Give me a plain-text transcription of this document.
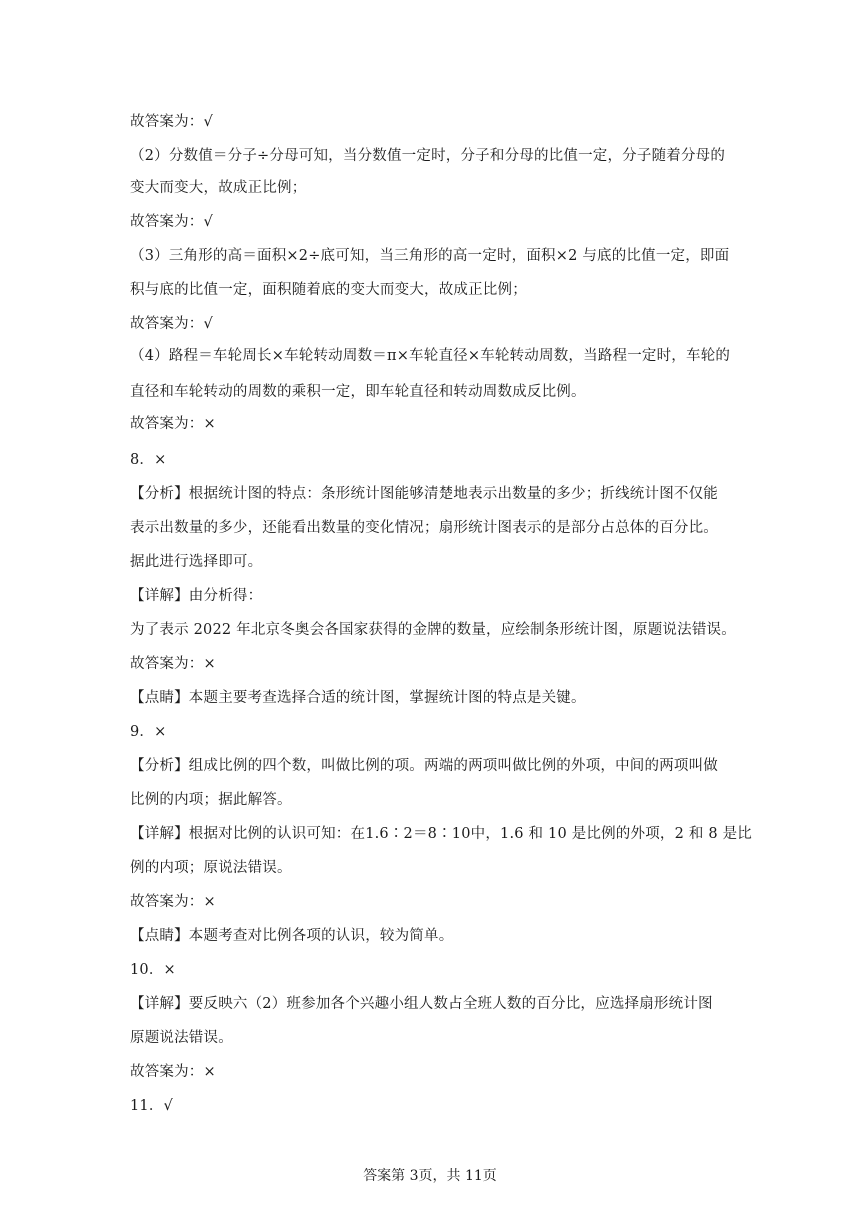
故答案为：√
（2）分数值＝分子÷分母可知，当分数值一定时，分子和分母的比值一定，分子随着分母的
变大而变大，故成正比例；
故答案为：√
（3）三角形的高＝面积×2÷底可知，当三角形的高一定时，面积×2 与底的比值一定，即面
积与底的比值一定，面积随着底的变大而变大，故成正比例；
故答案为：√
（4）路程＝车轮周长×车轮转动周数＝π×车轮直径×车轮转动周数，当路程一定时，车轮的
直径和车轮转动的周数的乘积一定，即车轮直径和转动周数成反比例。
故答案为：×
8．×
【分析】根据统计图的特点：条形统计图能够清楚地表示出数量的多少；折线统计图不仅能
表示出数量的多少，还能看出数量的变化情况；扇形统计图表示的是部分占总体的百分比。
据此进行选择即可。
【详解】由分析得：
为了表示 2022 年北京冬奥会各国家获得的金牌的数量，应绘制条形统计图，原题说法错误。
故答案为：×
【点睛】本题主要考查选择合适的统计图，掌握统计图的特点是关键。
9．×
【分析】组成比例的四个数，叫做比例的项。两端的两项叫做比例的外项，中间的两项叫做
比例的内项；据此解答。
【详解】根据对比例的认识可知：在1.6∶2＝8∶10中，1.6 和 10 是比例的外项，2 和 8 是比
例的内项；原说法错误。
故答案为：×
【点睛】本题考查对比例各项的认识，较为简单。
10．×
【详解】要反映六（2）班参加各个兴趣小组人数占全班人数的百分比，应选择扇形统计图
原题说法错误。
故答案为：×
11．√
答案第 3页，共 11页
